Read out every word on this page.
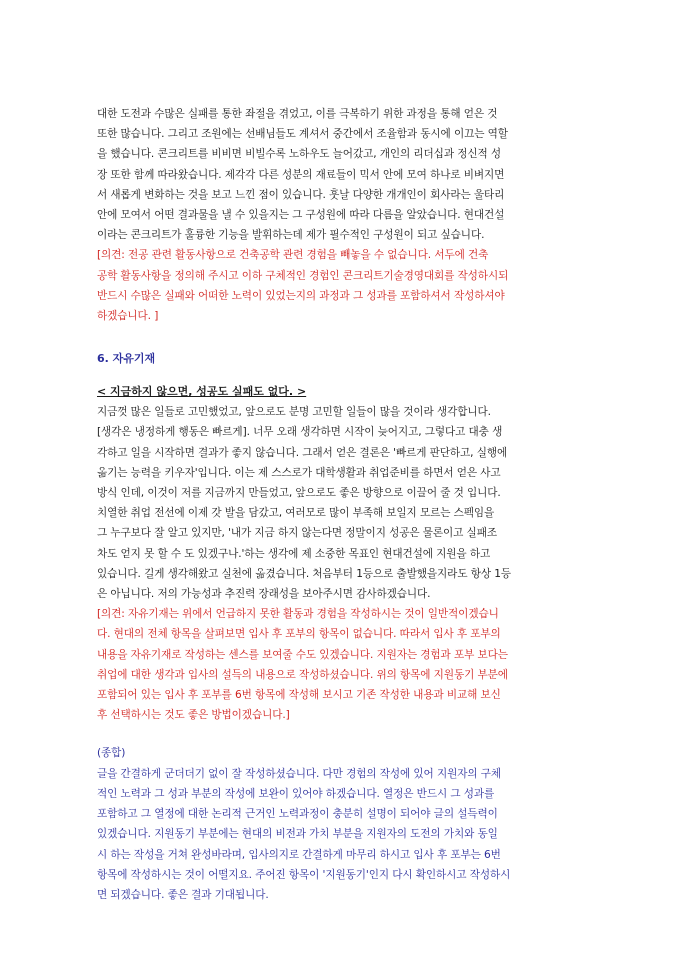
대한 도전과 수많은 실패를 통한 좌절을 겪었고, 이를 극복하기 위한 과정을 통해 얻은 것
또한 많습니다. 그리고 조원에는 선배님들도 계셔서 중간에서 조율함과 동시에 이끄는 역할
을 했습니다. 콘크리트를 비비면 비빌수록 노하우도 늘어갔고, 개인의 리더십과 정신적 성
장 또한 함께 따라왔습니다. 제각각 다른 성분의 재료들이 믹서 안에 모여 하나로 비벼지면
서 새롭게 변화하는 것을 보고 느낀 점이 있습니다. 훗날 다양한 개개인이 회사라는 울타리
안에 모여서 어떤 결과물을 낼 수 있을지는 그 구성원에 따라 다름을 알았습니다. 현대건설
이라는 콘크리트가 훌륭한 기능을 발휘하는데 제가 필수적인 구성원이 되고 싶습니다.
[의견: 전공 관련 활동사항으로 건축공학 관련 경험을 빼놓을 수 없습니다. 서두에 건축
공학 활동사항을 정의해 주시고 이하 구체적인 경험인 콘크리트기술경영대회를 작성하시되
반드시 수많은 실패와 어떠한 노력이 있었는지의 과정과 그 성과를 포함하셔서 작성하셔야
하겠습니다. ]
6. 자유기재
< 지금하지 않으면, 성공도 실패도 없다. >
지금껏 많은 일들로 고민했었고, 앞으로도 분명 고민할 일들이 많을 것이라 생각합니다.
[생각은 냉정하게 행동은 빠르게]. 너무 오래 생각하면 시작이 늦어지고, 그렇다고 대충 생
각하고 일을 시작하면 결과가 좋지 않습니다. 그래서 얻은 결론은 '빠르게 판단하고, 실행에
옮기는 능력을 키우자'입니다. 이는 제 스스로가 대학생활과 취업준비를 하면서 얻은 사고
방식 인데, 이것이 저를 지금까지 만들었고, 앞으로도 좋은 방향으로 이끌어 줄 것 입니다.
치열한 취업 전선에 이제 갓 발을 담갔고, 여러모로 많이 부족해 보일지 모르는 스펙임을
그 누구보다 잘 알고 있지만, '내가 지금 하지 않는다면 정말이지 성공은 물론이고 실패조
차도 얻지 못 할 수 도 있겠구나.'하는 생각에 제 소중한 목표인 현대건설에 지원을 하고
있습니다. 길게 생각해왔고 실천에 옮겼습니다. 처음부터 1등으로 출발했을지라도 항상 1등
은 아닙니다. 저의 가능성과 추진력 장래성을 보아주시면 감사하겠습니다.
[의견: 자유기재는 위에서 언급하지 못한 활동과 경험을 작성하시는 것이 일반적이겠습니
다. 현대의 전체 항목을 살펴보면 입사 후 포부의 항목이 없습니다. 따라서 입사 후 포부의
내용을 자유기재로 작성하는 센스를 보여줄 수도 있겠습니다. 지원자는 경험과 포부 보다는
취업에 대한 생각과 입사의 설득의 내용으로 작성하셨습니다. 위의 항목에 지원동기 부분에
포함되어 있는 입사 후 포부를 6번 항목에 작성해 보시고 기존 작성한 내용과 비교해 보신
후 선택하시는 것도 좋은 방법이겠습니다.]
(종합)
글을 간결하게 군더더기 없이 잘 작성하셨습니다. 다만 경험의 작성에 있어 지원자의 구체
적인 노력과 그 성과 부분의 작성에 보완이 있어야 하겠습니다. 열정은 반드시 그 성과를
포함하고 그 열정에 대한 논리적 근거인 노력과정이 충분히 설명이 되어야 글의 설득력이
있겠습니다. 지원동기 부분에는 현대의 비전과 가치 부분을 지원자의 도전의 가치와 동일
시 하는 작성을 거쳐 완성바라며, 입사의지로 간결하게 마무리 하시고 입사 후 포부는 6번
항목에 작성하시는 것이 어떨지요. 주어진 항목이 '지원동기'인지 다시 확인하시고 작성하시
면 되겠습니다. 좋은 결과 기대됩니다.
